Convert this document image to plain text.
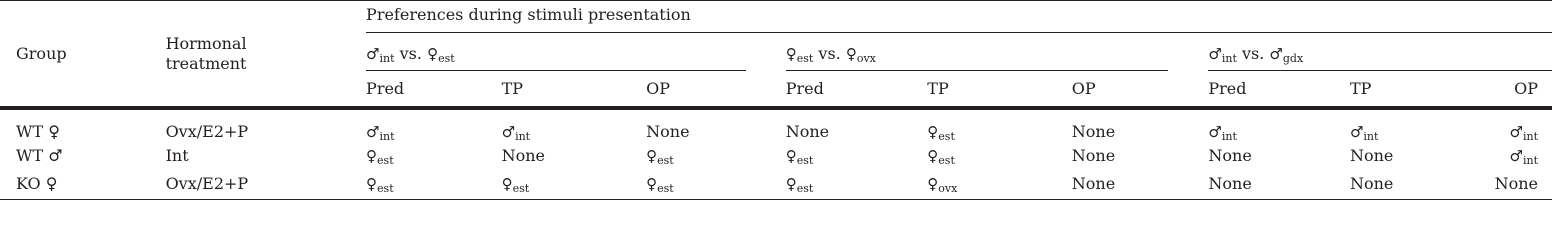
Group	Hormonal
treatment	Preferences during stimuli presentation								

		$♂_{int}$ vs. $♀_{est}$			$♀_{est}$ vs. $♀_{ovx}$			$♂_{int}$ vs. $♂_{gdx}$

		Pred	TP	OP	Pred	TP	OP	Pred	TP	OP

WT ♀	Ovx/E2+P	$♂_{int}$	$♂_{int}$	None	None	$♀_{est}$	None	$♂_{int}$	$♂_{int}$	$♂_{int}$
WT ♂	Int	$♀_{est}$	None	$♀_{est}$	$♀_{est}$	$♀_{est}$	None	None	None	$♂_{int}$
KO ♀	Ovx/E2+P	$♀_{est}$	$♀_{est}$	$♀_{est}$	$♀_{est}$	$♀_{ovx}$	None	None	None	None
